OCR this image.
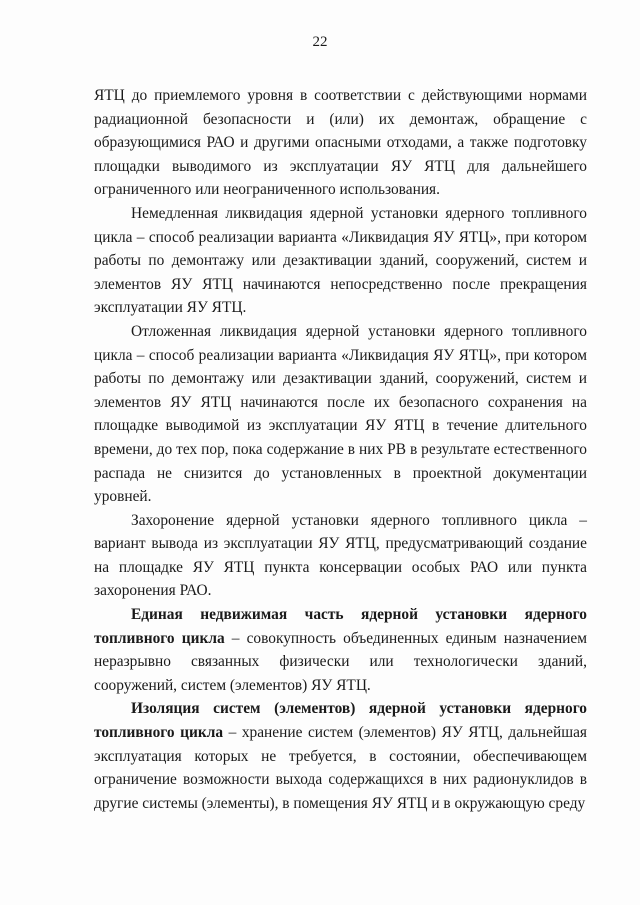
22

ЯТЦ до приемлемого уровня в соответствии с действующими нормами радиационной безопасности и (или) их демонтаж, обращение с образующимися РАО и другими опасными отходами, а также подготовку площадки выводимого из эксплуатации ЯУ ЯТЦ для дальнейшего ограниченного или неограниченного использования.

Немедленная ликвидация ядерной установки ядерного топливного цикла – способ реализации варианта «Ликвидация ЯУ ЯТЦ», при котором работы по демонтажу или дезактивации зданий, сооружений, систем и элементов ЯУ ЯТЦ начинаются непосредственно после прекращения эксплуатации ЯУ ЯТЦ.

Отложенная ликвидация ядерной установки ядерного топливного цикла – способ реализации варианта «Ликвидация ЯУ ЯТЦ», при котором работы по демонтажу или дезактивации зданий, сооружений, систем и элементов ЯУ ЯТЦ начинаются после их безопасного сохранения на площадке выводимой из эксплуатации ЯУ ЯТЦ в течение длительного времени, до тех пор, пока содержание в них РВ в результате естественного распада не снизится до установленных в проектной документации уровней.

Захоронение ядерной установки ядерного топливного цикла – вариант вывода из эксплуатации ЯУ ЯТЦ, предусматривающий создание на площадке ЯУ ЯТЦ пункта консервации особых РАО или пункта захоронения РАО.

Единая недвижимая часть ядерной установки ядерного топливного цикла – совокупность объединенных единым назначением неразрывно связанных физически или технологически зданий, сооружений, систем (элементов) ЯУ ЯТЦ.

Изоляция систем (элементов) ядерной установки ядерного топливного цикла – хранение систем (элементов) ЯУ ЯТЦ, дальнейшая эксплуатация которых не требуется, в состоянии, обеспечивающем ограничение возможности выхода содержащихся в них радионуклидов в другие системы (элементы), в помещения ЯУ ЯТЦ и в окружающую среду
